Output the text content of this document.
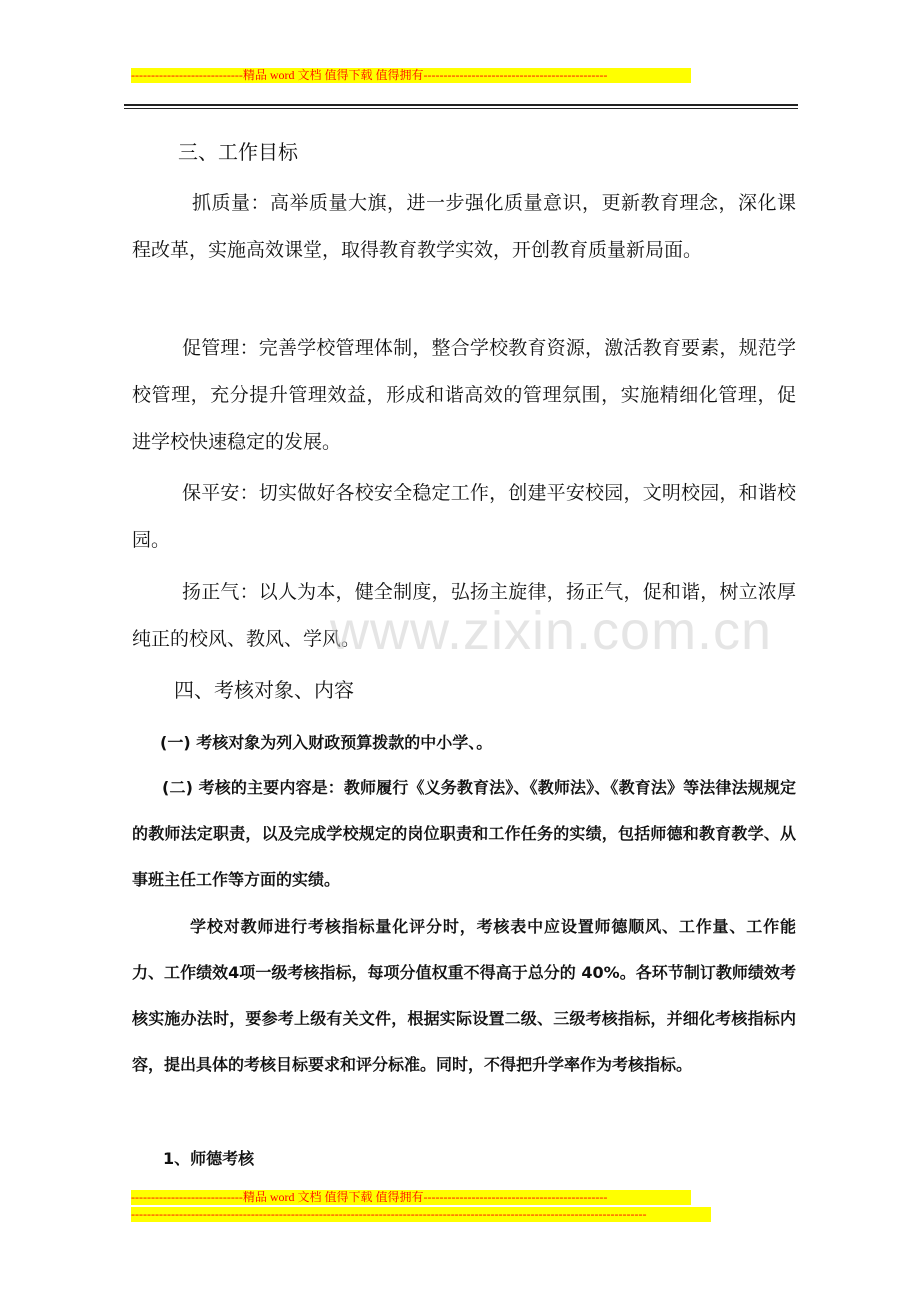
----------------------------精品 word 文档 值得下载 值得拥有----------------------------------------------
三、工作目标
抓质量：高举质量大旗，进一步强化质量意识，更新教育理念，深化课程改革，实施高效课堂，取得教育教学实效，开创教育质量新局面。
促管理：完善学校管理体制，整合学校教育资源，激活教育要素，规范学校管理，充分提升管理效益，形成和谐高效的管理氛围，实施精细化管理，促进学校快速稳定的发展。
保平安：切实做好各校安全稳定工作，创建平安校园，文明校园，和谐校园。
扬正气：以人为本，健全制度，弘扬主旋律，扬正气，促和谐，树立浓厚纯正的校风、教风、学风。
www.zixin.com.cn
四、考核对象、内容
(一) 考核对象为列入财政预算拨款的中小学、。
(二) 考核的主要内容是：教师履行《义务教育法》、《教师法》、《教育法》等法律法规规定的教师法定职责，以及完成学校规定的岗位职责和工作任务的实绩，包括师德和教育教学、从事班主任工作等方面的实绩。
学校对教师进行考核指标量化评分时，考核表中应设置师德顺风、工作量、工作能力、工作绩效4项一级考核指标，每项分值权重不得高于总分的 40%。各环节制订教师绩效考核实施办法时，要参考上级有关文件，根据实际设置二级、三级考核指标，并细化考核指标内容，提出具体的考核目标要求和评分标准。同时，不得把升学率作为考核指标。
1、师德考核
----------------------------精品 word 文档 值得下载 值得拥有----------------------------------------------
---------------------------------------------------------------------------------------------------------------------------------
